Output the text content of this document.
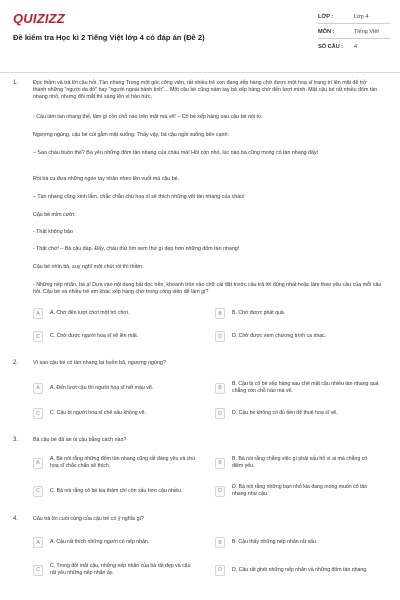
QUIZIZZ
Đề kiểm tra Học kì 2 Tiếng Việt lớp 4 có đáp án (Đề 2)
LỚP :	Lớp 4
MÔN :	Tiếng Việt
SỐ CÂU : 4
1.	Đọc thầm và trả lời câu hỏi. Tàn nhang Trong một góc công viên, rất nhiều trẻ con đang xếp hàng chờ được một hoạ sĩ trang trí lên mặt để trở thành những "người da đỏ" hay "người ngoài hành tinh"... Một cậu bé cũng nám tay bà xếp hàng chờ đến lượt mình. Mặt cậu bé rất nhiều đốm tàn nhang nhỏ, nhưng đôi mắt thì sáng lên vì háo hức.
- Câu làm tan nhang thế, làm gì còn chỗ nào trên mặt mà vẽ! – Cô bé xếp hàng sau cậu bé nói to.
Ngượng ngùng, cậu bé cúi gằm mặt xuống. Thấy vậy, bà cậu ngồi xuống bên cạnh:
– Sao cháu buồn thế? Bà yêu những đốm tàn nhang của cháu mà! Hồi còn nhỏ, lúc nào bà cũng mong có tàn nhang đấy!
Rồi bà cụ đưa những ngón tay nhăn nheo lên vuốt má cậu bé.
– Tàn nhang cũng xinh lắm, chắc chắn chú hoạ sĩ sẽ thích những vết tàn nhang của cháu!
Cậu bé mỉm cười:
- Thật không bảo
- Thật chứ! – Bà cậu đáp. Đấy, cháu thử tìm xem thứ gì đẹp hơn những đốm tàn nhang!
Cậu bé nhìn bà, suy nghĩ một chút rồi thì thầm:
- Những nếp nhăn, bà ạ! Dựa vào nội dung bài đọc trên, khoanh tròn vào chữ cái đặt trước câu trả lời đúng nhất hoặc làm theo yêu cầu của mỗi câu hỏi. Câu bé và nhiều trẻ em khác xếp hàng chờ trong công viên để làm gì?
A	A. Chờ đến lượt chơi một trò chơi.	B	B. Chờ được phát quà.
C	C. Chờ được người hoạ sĩ vẽ lên mặt.	D	D. Chờ được xem chương trình ca nhạc.
2.	Vì sao cậu bé có tàn nhang lại buồn bã, ngượng ngùng?
A	A. Đến lượt cậu thì người hoạ sĩ hết màu vẽ.	B
B. Cậu bị cô bé xếp hàng sau chê mặt cậu nhiều tàn nhang quá chẳng còn chỗ nào mà vẽ.
C	C. Cậu bị người hoạ sĩ chê xấu không vẽ.	D	D. Cậu bé không có đủ tiền để thuê hoạ sĩ vẽ.
3.	Bà cậu bé đã an ủi cậu bằng cách nào?
A
A. Bà nói rằng những đốm tàn nhang cũng rất đáng yêu và chú hoạ sĩ chắc chắn sẽ thích.	B
B. Bà nói rằng chẳng việc gì phải xấu hổ vì ai mà chẳng có điểm yếu.
C	C. Bà nói rằng cô bé kia thậm chí còn xấu hơn cậu nhiều.	D
D. Bà nói rằng những bạn nhỏ kia đang mong muốn có tàn nhang như cậu.
4.	Câu trả lời cuối cùng của cậu bé có ý nghĩa gì?
A	A. Cậu rất thích những người có nếp nhăn.	B	B. Cậu thấy những nếp nhăn rất xấu.
C
C. Trong đôi mắt cậu, những nếp nhăn của bà rất đẹp và cậu rất yêu những nếp nhăn ấy.	D	D. Cậu rất ghét những nếp nhăn và những đốm tàn nhang.
